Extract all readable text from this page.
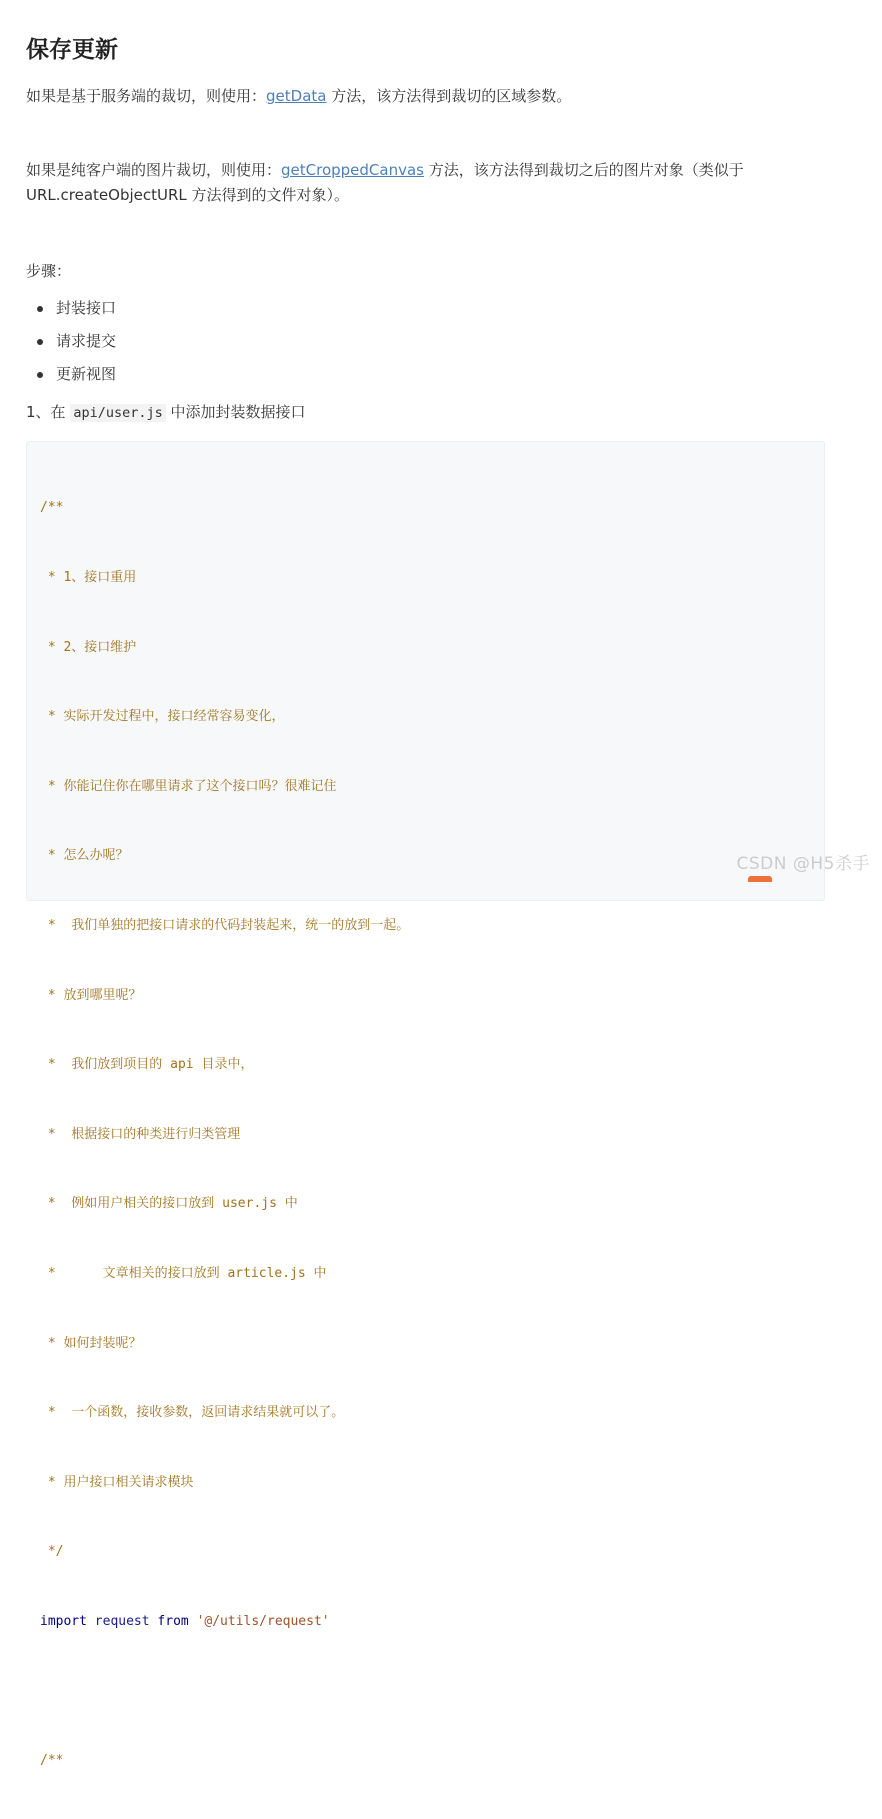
保存更新

如果是基于服务端的裁切，则使用：getData 方法，该方法得到裁切的区域参数。

如果是纯客户端的图片裁切，则使用：getCroppedCanvas 方法，该方法得到裁切之后的图片对象（类似于 URL.createObjectURL 方法得到的文件对象）。

步骤：

封装接口
请求提交
更新视图

1、在 api/user.js 中添加封装数据接口

/**

* 1、接口重用

* 2、接口维护

* 实际开发过程中，接口经常容易变化，

* 你能记住你在哪里请求了这个接口吗？很难记住

* 怎么办呢？

*  我们单独的把接口请求的代码封装起来，统一的放到一起。

* 放到哪里呢？

*  我们放到项目的 api 目录中，

*  根据接口的种类进行归类管理

*  例如用户相关的接口放到 user.js 中

*      文章相关的接口放到 article.js 中

* 如何封装呢？

*  一个函数，接收参数，返回请求结果就可以了。

* 用户接口相关请求模块

*/

import request from '@/utils/request'

/**

CSDN @H5杀手
